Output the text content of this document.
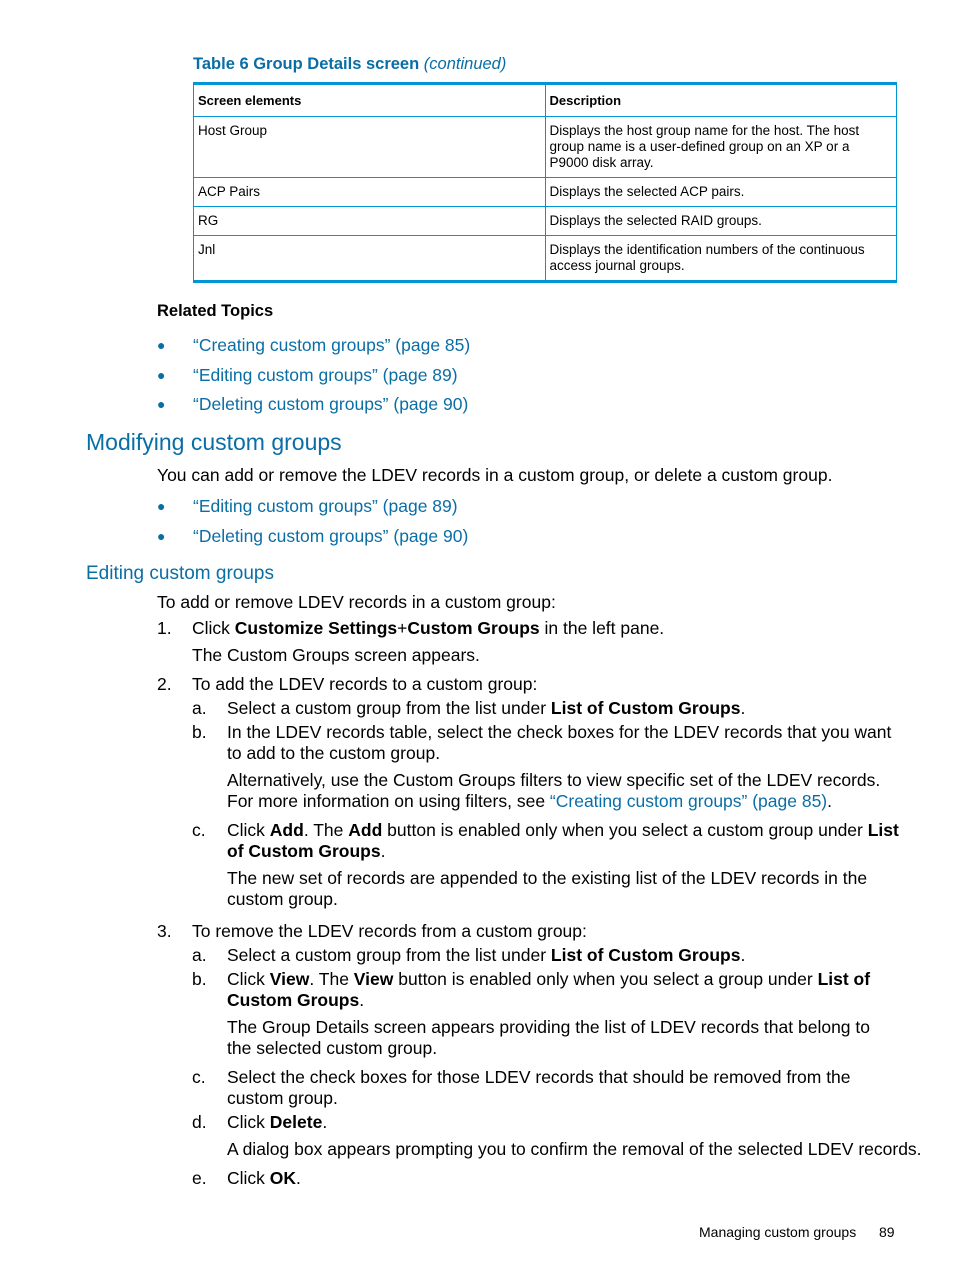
Table 6 Group Details screen (continued)
Screen elements	Description
Host Group	Displays the host group name for the host. The host group name is a user-defined group on an XP or a P9000 disk array.
ACP Pairs	Displays the selected ACP pairs.
RG	Displays the selected RAID groups.
Jnl	Displays the identification numbers of the continuous access journal groups.
Related Topics
● “Creating custom groups” (page 85)
● “Editing custom groups” (page 89)
● “Deleting custom groups” (page 90)
Modifying custom groups
You can add or remove the LDEV records in a custom group, or delete a custom group.
● “Editing custom groups” (page 89)
● “Deleting custom groups” (page 90)
Editing custom groups
To add or remove LDEV records in a custom group:
1. Click Customize Settings+Custom Groups in the left pane.
The Custom Groups screen appears.
2. To add the LDEV records to a custom group:
a. Select a custom group from the list under List of Custom Groups.
b. In the LDEV records table, select the check boxes for the LDEV records that you want to add to the custom group.
Alternatively, use the Custom Groups filters to view specific set of the LDEV records. For more information on using filters, see “Creating custom groups” (page 85).
c. Click Add. The Add button is enabled only when you select a custom group under List of Custom Groups.
The new set of records are appended to the existing list of the LDEV records in the custom group.
3. To remove the LDEV records from a custom group:
a. Select a custom group from the list under List of Custom Groups.
b. Click View. The View button is enabled only when you select a group under List of Custom Groups.
The Group Details screen appears providing the list of LDEV records that belong to the selected custom group.
c. Select the check boxes for those LDEV records that should be removed from the custom group.
d. Click Delete.
A dialog box appears prompting you to confirm the removal of the selected LDEV records.
e. Click OK.
Managing custom groups 89
